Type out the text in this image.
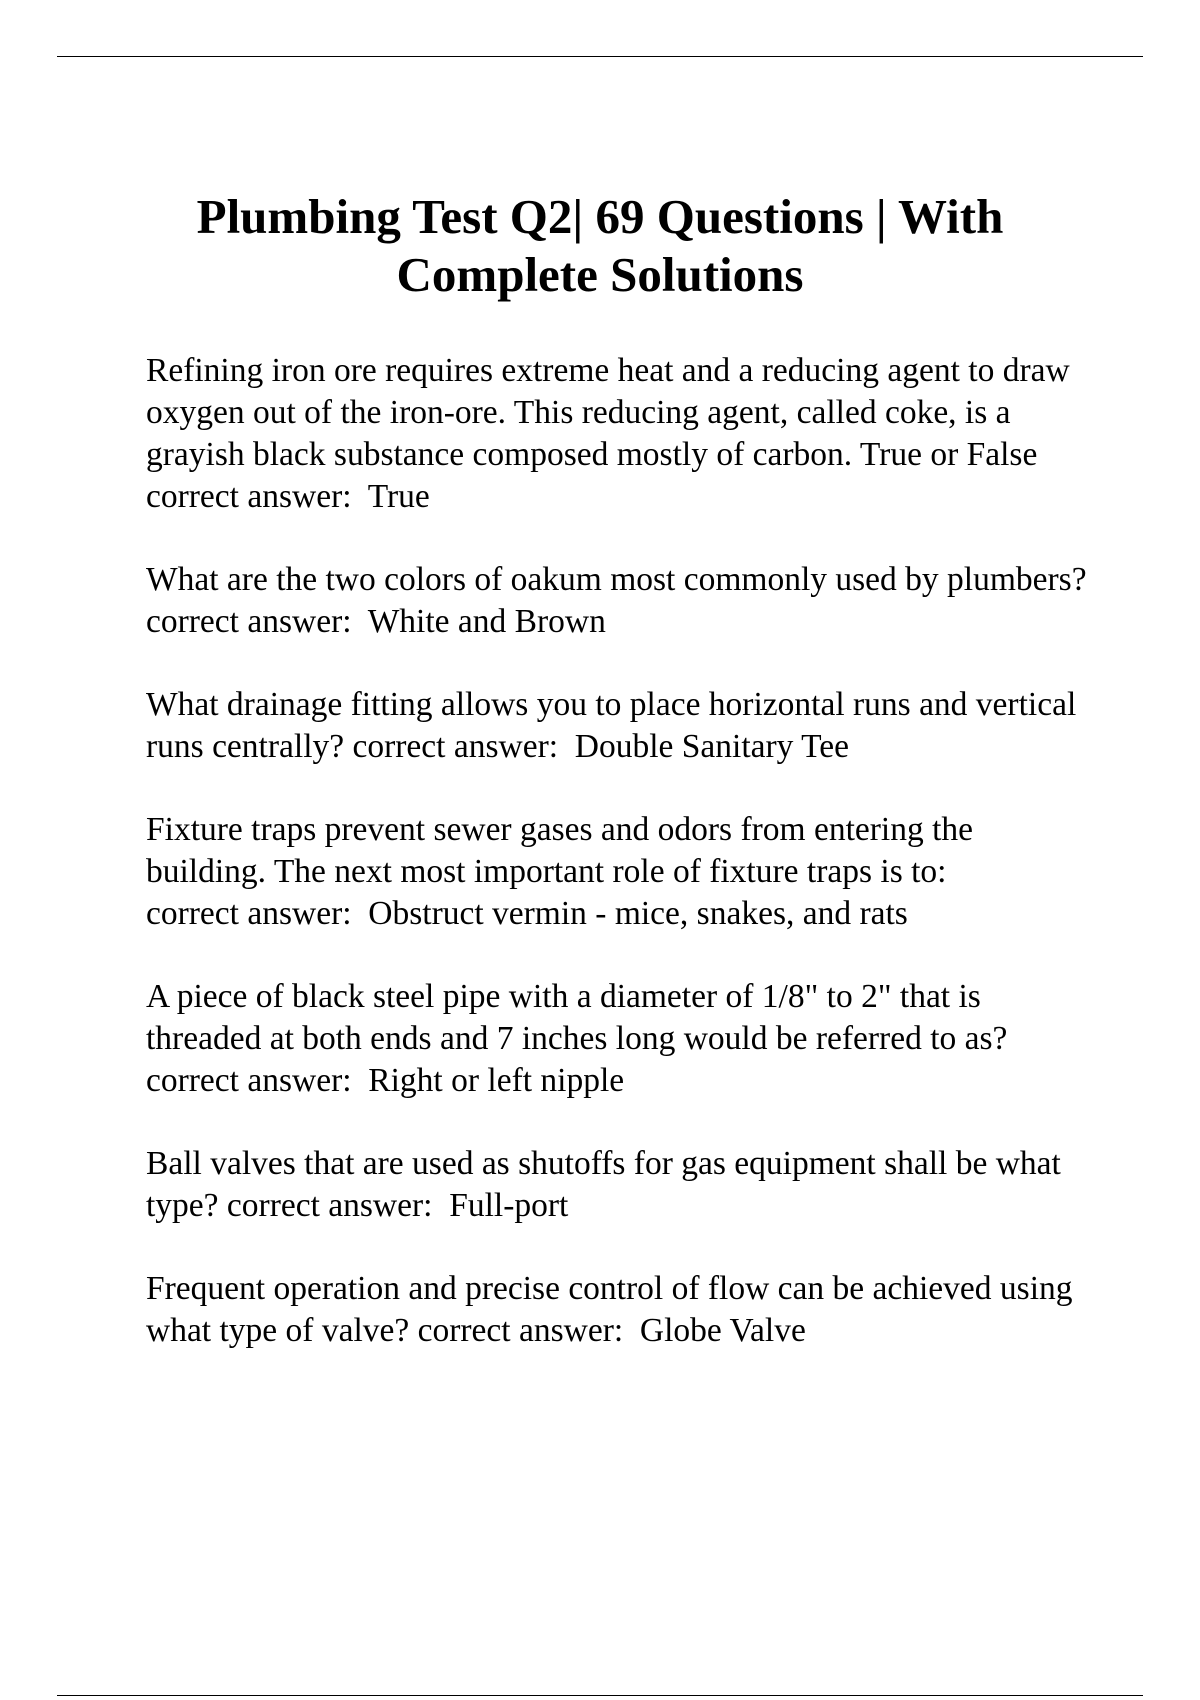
Plumbing Test Q2| 69 Questions | With Complete Solutions

Refining iron ore requires extreme heat and a reducing agent to draw oxygen out of the iron-ore. This reducing agent, called coke, is a grayish black substance composed mostly of carbon. True or False correct answer:  True

What are the two colors of oakum most commonly used by plumbers? correct answer:  White and Brown

What drainage fitting allows you to place horizontal runs and vertical runs centrally? correct answer:  Double Sanitary Tee

Fixture traps prevent sewer gases and odors from entering the building. The next most important role of fixture traps is to: correct answer:  Obstruct vermin - mice, snakes, and rats

A piece of black steel pipe with a diameter of 1/8" to 2" that is threaded at both ends and 7 inches long would be referred to as? correct answer:  Right or left nipple

Ball valves that are used as shutoffs for gas equipment shall be what type? correct answer:  Full-port

Frequent operation and precise control of flow can be achieved using what type of valve? correct answer:  Globe Valve
